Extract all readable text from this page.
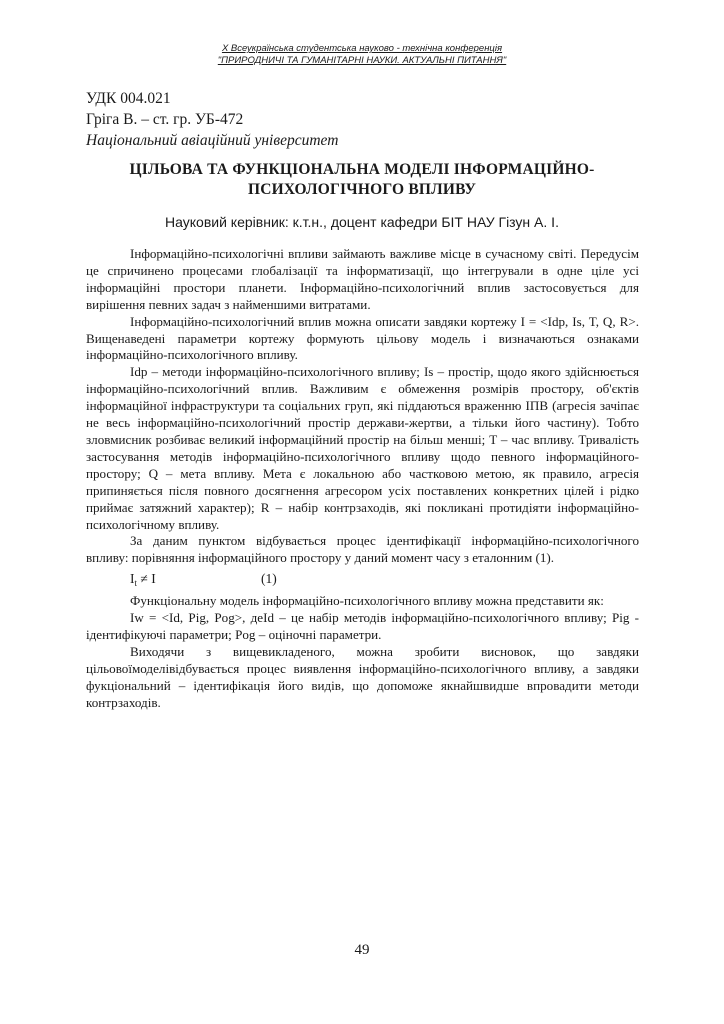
X Всеукраїнська студентська науково - технічна конференція
"ПРИРОДНИЧІ ТА ГУМАНІТАРНІ НАУКИ. АКТУАЛЬНІ ПИТАННЯ"
УДК 004.021
Гріга В. – ст. гр. УБ-472
Національний авіаційний університет
ЦІЛЬОВА ТА ФУНКЦІОНАЛЬНА МОДЕЛІ ІНФОРМАЦІЙНО-
ПСИХОЛОГІЧНОГО ВПЛИВУ
Науковий керівник: к.т.н., доцент кафедри БІТ НАУ Гізун А. І.

Інформаційно-психологічні впливи займають важливе місце в сучасному світі. Передусім це спричинено процесами глобалізації та інформатизації, що інтегрували в одне ціле усі інформаційні простори планети. Інформаційно-психологічний вплив застосовується для вирішення певних задач з найменшими витратами.

Інформаційно-психологічний вплив можна описати завдяки кортежу I = <Idp, Is, T, Q, R>. Вищенаведені параметри кортежу формують цільову модель і визначаються ознаками інформаційно-психологічного впливу.

Idp – методи інформаційно-психологічного впливу; Is – простір, щодо якого здійснюється інформаційно-психологічний вплив. Важливим є обмеження розмірів простору, об'єктів інформаційної інфраструктури та соціальних груп, які піддаються враженню ІПВ (агресія зачіпає не весь інформаційно-психологічний простір держави-жертви, а тільки його частину). Тобто зловмисник розбиває великий інформаційний простір на більш менші; T – час впливу. Тривалість застосування методів інформаційно-психологічного впливу щодо певного інформаційного-простору; Q – мета впливу. Мета є локальною або частковою метою, як правило, агресія припиняється після повного досягнення агресором усіх поставлених конкретних цілей і рідко приймає затяжний характер); R – набір контрзаходів, які покликані протидіяти інформаційно-психологічному впливу.

За даним пунктом відбувається процес ідентифікації інформаційно-психологічного впливу: порівняння інформаційного простору у даний момент часу з еталонним (1).

$I_t \ne I$	(1)

Функціональну модель інформаційно-психологічного впливу можна представити як:

Iw = <Id, Pig, Pog>, деId – це набір методів інформаційно-психологічного впливу; Pig - ідентифікуючі параметри; Pog – оціночні параметри.

Виходячи з вищевикладеного, можна зробити висновок, що завдяки цільовоїмоделівідбувається процес виявлення інформаційно-психологічного впливу, а завдяки фукціональний – ідентифікація його видів, що допоможе якнайшвидше впровадити методи контрзаходів.

49
